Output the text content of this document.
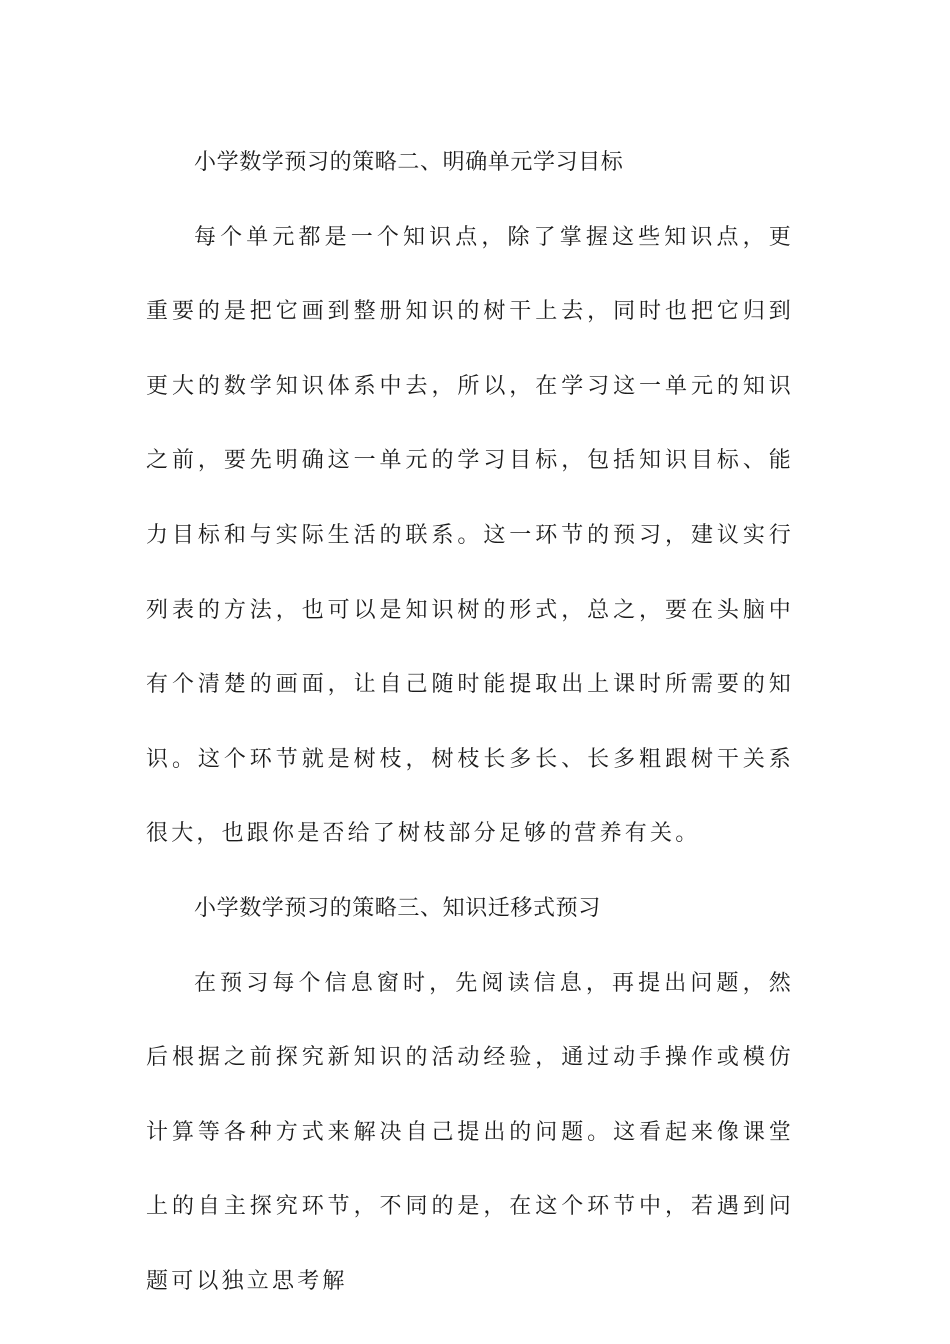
小学数学预习的策略二、明确单元学习目标

每个单元都是一个知识点，除了掌握这些知识点，更重要的是把它画到整册知识的树干上去，同时也把它归到更大的数学知识体系中去，所以，在学习这一单元的知识之前，要先明确这一单元的学习目标，包括知识目标、能力目标和与实际生活的联系。这一环节的预习，建议实行列表的方法，也可以是知识树的形式，总之，要在头脑中有个清楚的画面，让自己随时能提取出上课时所需要的知识。这个环节就是树枝，树枝长多长、长多粗跟树干关系很大，也跟你是否给了树枝部分足够的营养有关。

小学数学预习的策略三、知识迁移式预习

在预习每个信息窗时，先阅读信息，再提出问题，然后根据之前探究新知识的活动经验，通过动手操作或模仿计算等各种方式来解决自己提出的问题。这看起来像课堂上的自主探究环节，不同的是，在这个环节中，若遇到问题可以独立思考解
